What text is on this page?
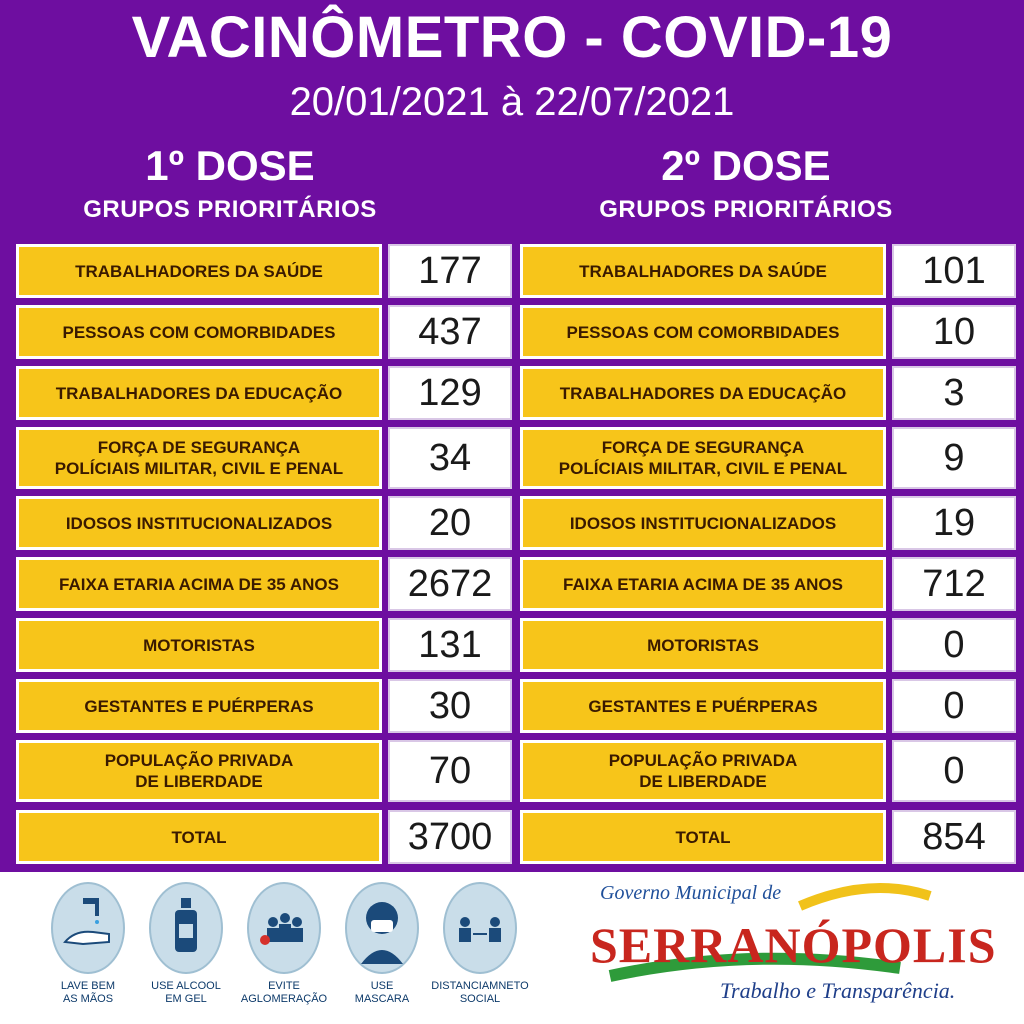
VACINÔMETRO - COVID-19
20/01/2021 à 22/07/2021
1º DOSE
GRUPOS PRIORITÁRIOS
2º DOSE
GRUPOS PRIORITÁRIOS
TRABALHADORES DA SAÚDE	177
PESSOAS COM COMORBIDADES	437
TRABALHADORES DA EDUCAÇÃO	129
FORÇA DE SEGURANÇA
POLÍCIAIS MILITAR, CIVIL E PENAL	34
IDOSOS INSTITUCIONALIZADOS	20
FAIXA ETARIA ACIMA DE 35 ANOS	2672
MOTORISTAS	131
GESTANTES E PUÉRPERAS	30
POPULAÇÃO PRIVADA
DE LIBERDADE	70
TOTAL	3700
TRABALHADORES DA SAÚDE	101
PESSOAS COM COMORBIDADES	10
TRABALHADORES DA EDUCAÇÃO	3
FORÇA DE SEGURANÇA
POLÍCIAIS MILITAR, CIVIL E PENAL	9
IDOSOS INSTITUCIONALIZADOS	19
FAIXA ETARIA ACIMA DE 35 ANOS	712
MOTORISTAS	0
GESTANTES E PUÉRPERAS	0
POPULAÇÃO PRIVADA
DE LIBERDADE	0
TOTAL	854
LAVE BEM
AS MÃOS
USE ALCOOL
EM GEL
EVITE
AGLOMERAÇÃO
USE
MASCARA
DISTANCIAMNETO
SOCIAL
Governo Municipal de
SERRANÓPOLIS
Trabalho e Transparência.
